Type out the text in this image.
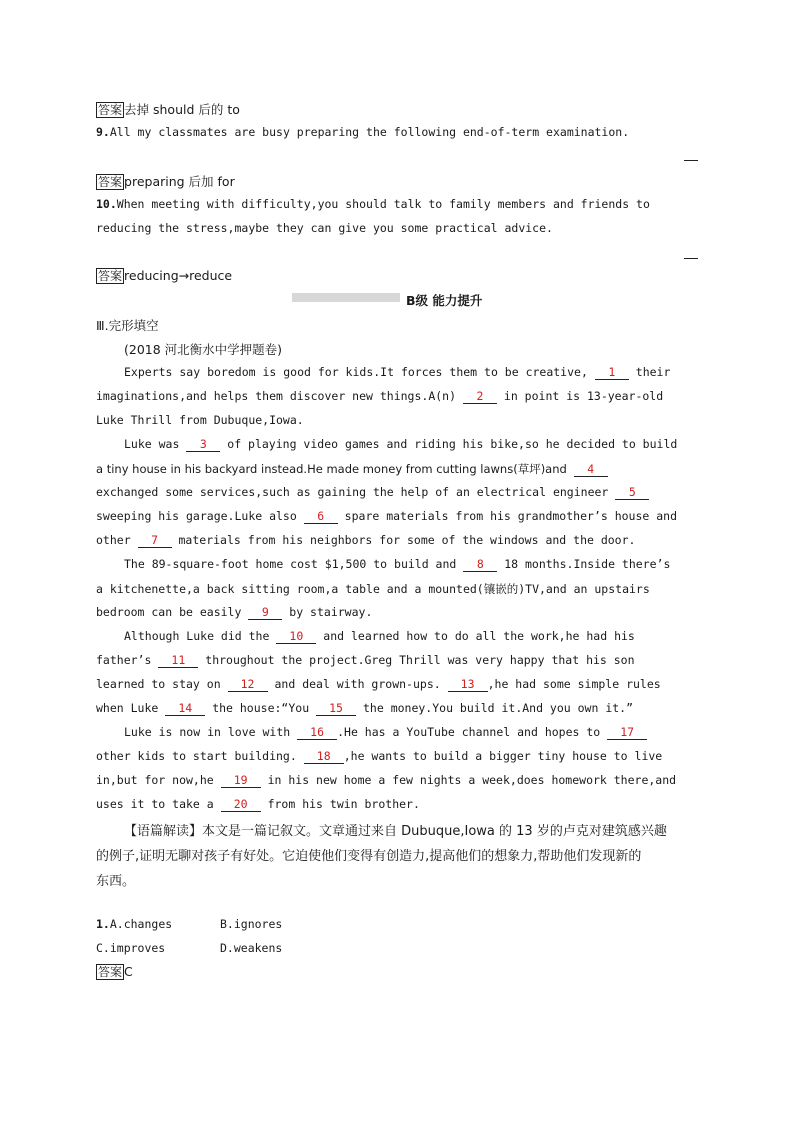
答案 去掉 should 后的 to
9.All my classmates are busy preparing the following end-of-term examination.
答案 preparing 后加 for
10.When meeting with difficulty,you should talk to family members and friends to
reducing the stress,maybe they can give you some practical advice.
答案 reducing→reduce
B级 能力提升
Ⅲ.完形填空
(2018 河北衡水中学押题卷)
Experts say boredom is good for kids.It forces them to be creative, 1 their
imaginations,and helps them discover new things.A(n) 2 in point is 13-year-old
Luke Thrill from Dubuque,Iowa.
Luke was 3 of playing video games and riding his bike,so he decided to build
a tiny house in his backyard instead.He made money from cutting lawns(草坪)and 4
exchanged some services,such as gaining the help of an electrical engineer 5
sweeping his garage.Luke also 6 spare materials from his grandmother’s house and
other 7 materials from his neighbors for some of the windows and the door.
The 89-square-foot home cost $1,500 to build and 8 18 months.Inside there’s
a kitchenette,a back sitting room,a table and a mounted(镶嵌的)TV,and an upstairs
bedroom can be easily 9 by stairway.
Although Luke did the 10 and learned how to do all the work,he had his
father’s 11 throughout the project.Greg Thrill was very happy that his son
learned to stay on 12 and deal with grown-ups. 13 ,he had some simple rules
when Luke 14 the house:“You 15 the money.You build it.And you own it.”
Luke is now in love with 16 .He has a YouTube channel and hopes to 17
other kids to start building. 18 ,he wants to build a bigger tiny house to live
in,but for now,he 19 in his new home a few nights a week,does homework there,and
uses it to take a 20 from his twin brother.
【语篇解读】本文是一篇记叙文。文章通过来自 Dubuque,Iowa 的 13 岁的卢克对建筑感兴趣
的例子,证明无聊对孩子有好处。它迫使他们变得有创造力,提高他们的想象力,帮助他们发现新的
东西。
1.A.changes	B.ignores
C.improves	D.weakens
答案 C
